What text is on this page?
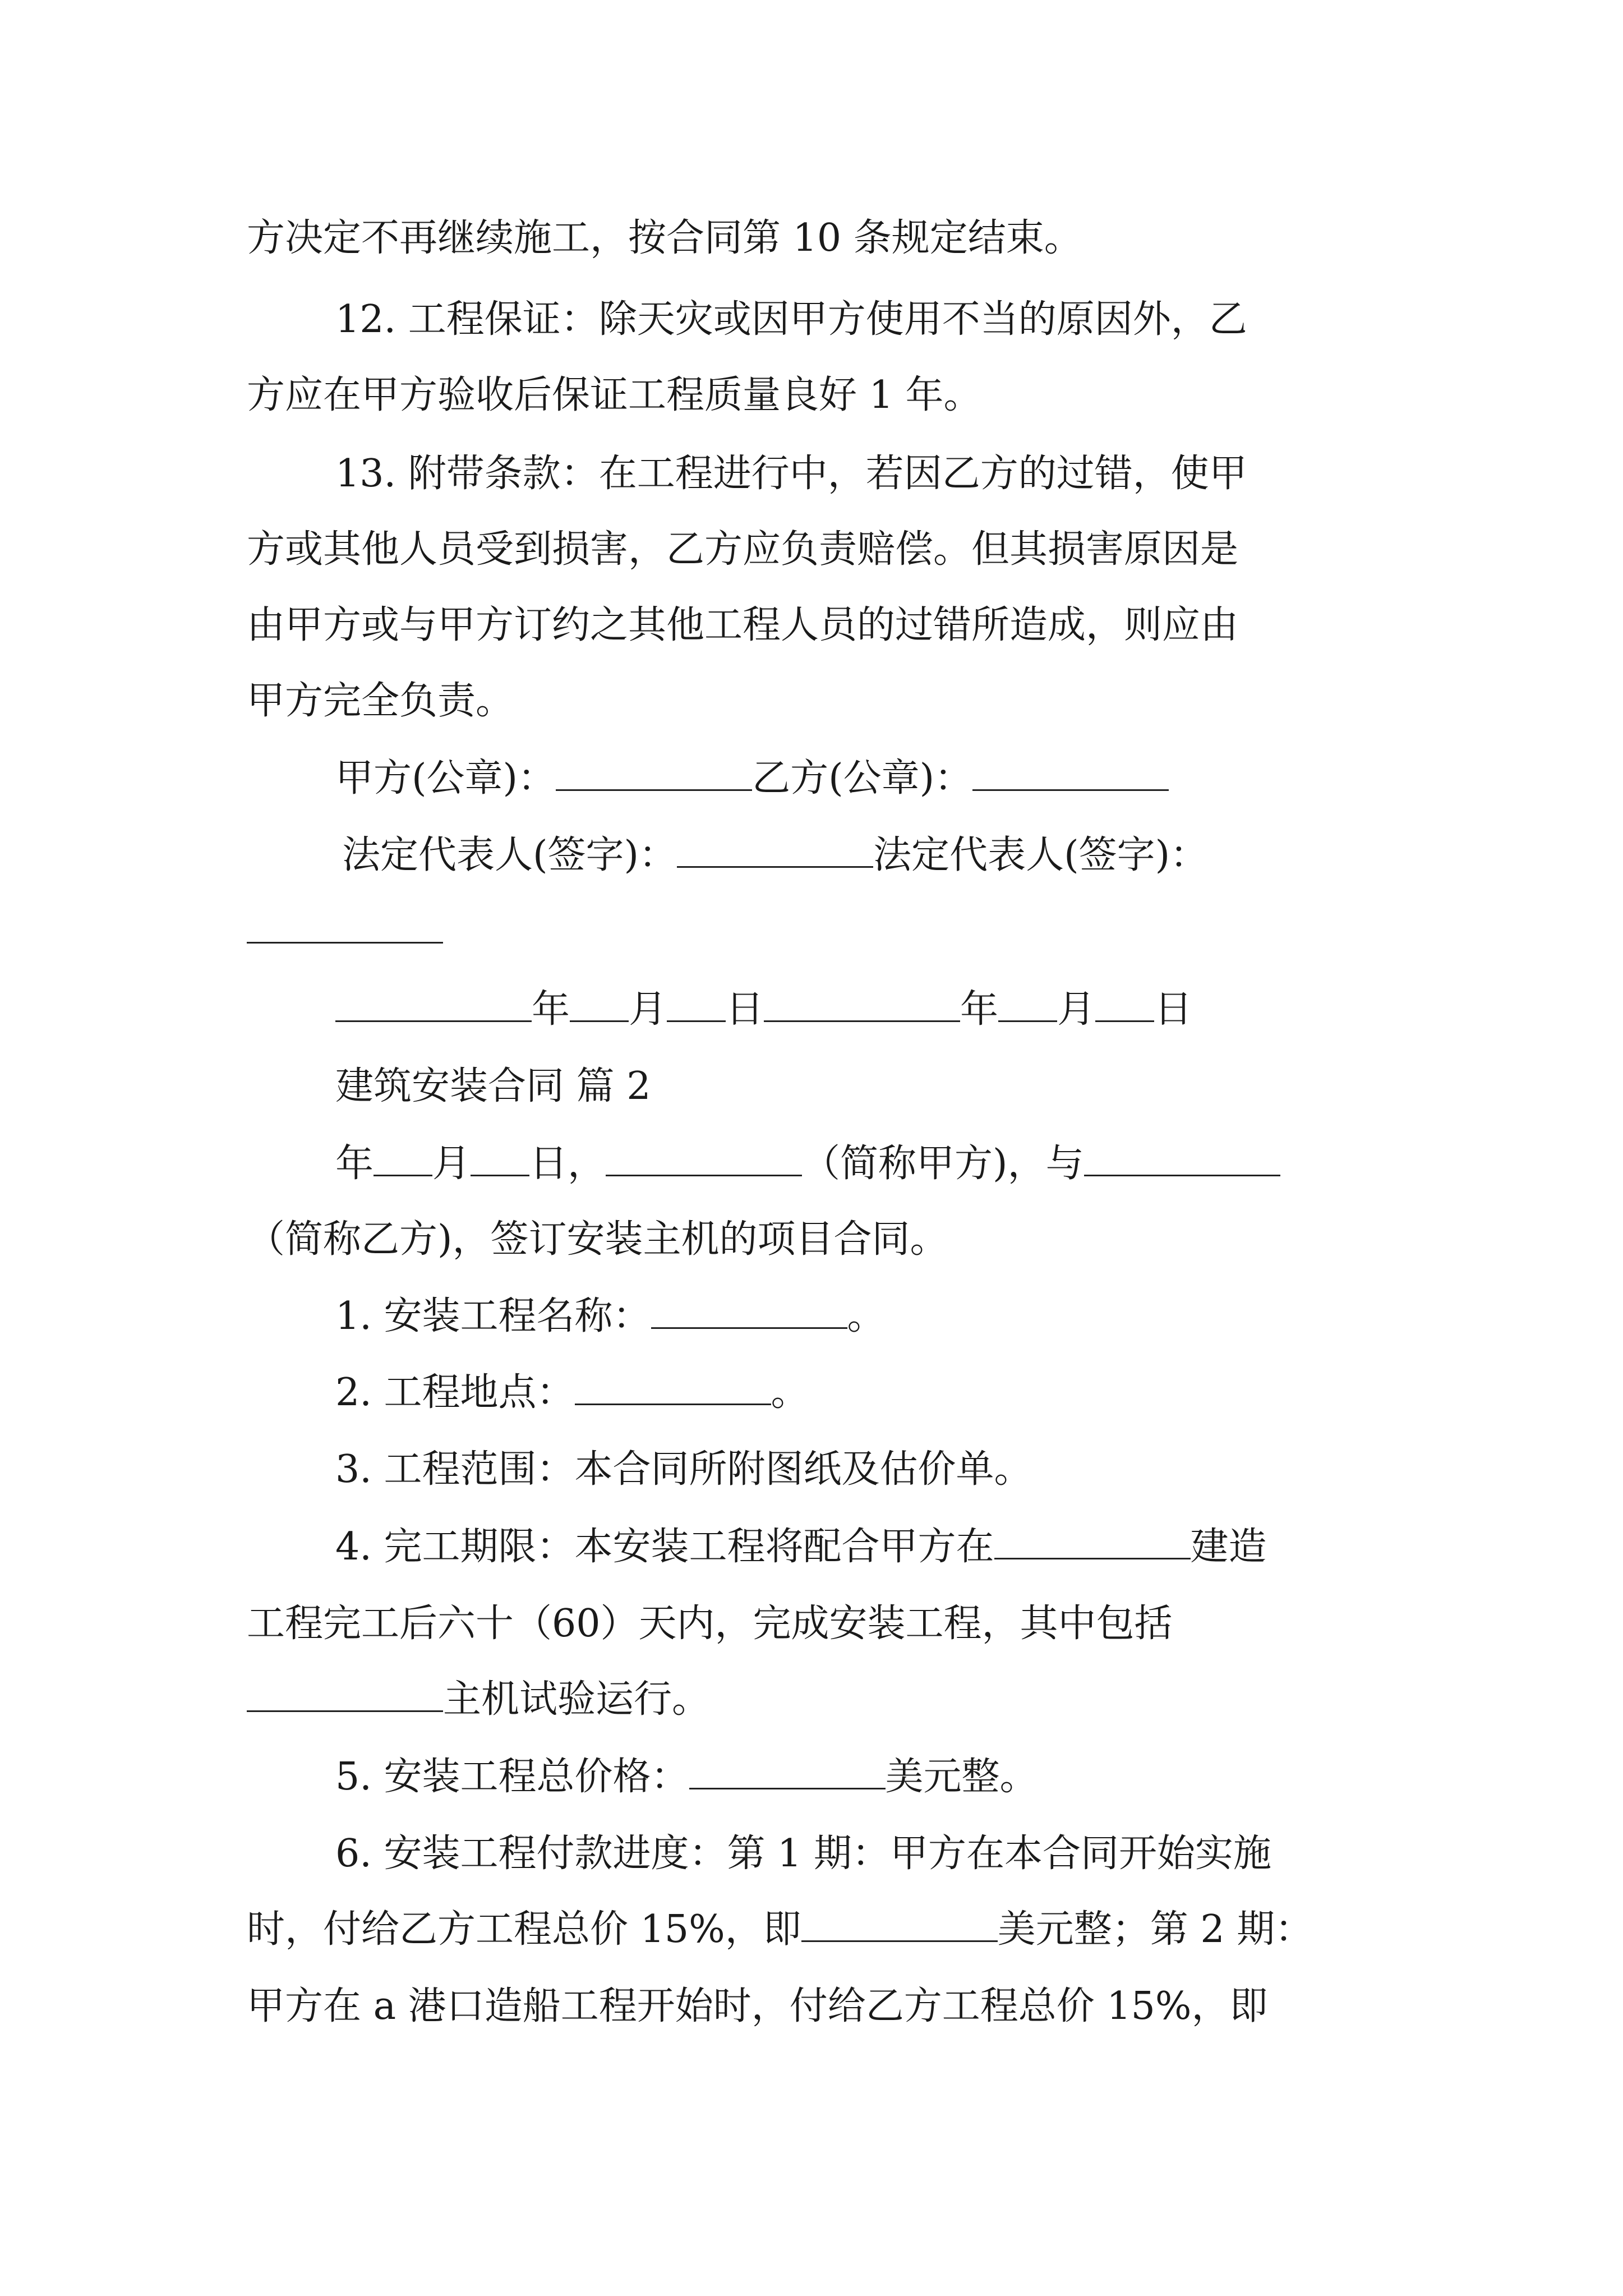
方决定不再继续施工，按合同第 10 条规定结束。
12. 工程保证：除天灾或因甲方使用不当的原因外，乙
方应在甲方验收后保证工程质量良好 1 年。
13. 附带条款：在工程进行中，若因乙方的过错，使甲
方或其他人员受到损害，乙方应负责赔偿。但其损害原因是
由甲方或与甲方订约之其他工程人员的过错所造成，则应由
甲方完全负责。
甲方(公章)：	乙方(公章)：
法定代表人(签字)：	法定代表人(签字)：
年 月 日	年 月 日
建筑安装合同 篇 2
年 月 日，	（简称甲方)，与
（简称乙方)，签订安装主机的项目合同。
1. 安装工程名称：	。
2. 工程地点：	。
3. 工程范围：本合同所附图纸及估价单。
4. 完工期限：本安装工程将配合甲方在	建造
工程完工后六十（60）天内，完成安装工程，其中包括
主机试验运行。
5. 安装工程总价格：	美元整。
6. 安装工程付款进度：第 1 期：甲方在本合同开始实施
时，付给乙方工程总价 15%，即	美元整；第 2 期：
甲方在 a 港口造船工程开始时，付给乙方工程总价 15%，即
